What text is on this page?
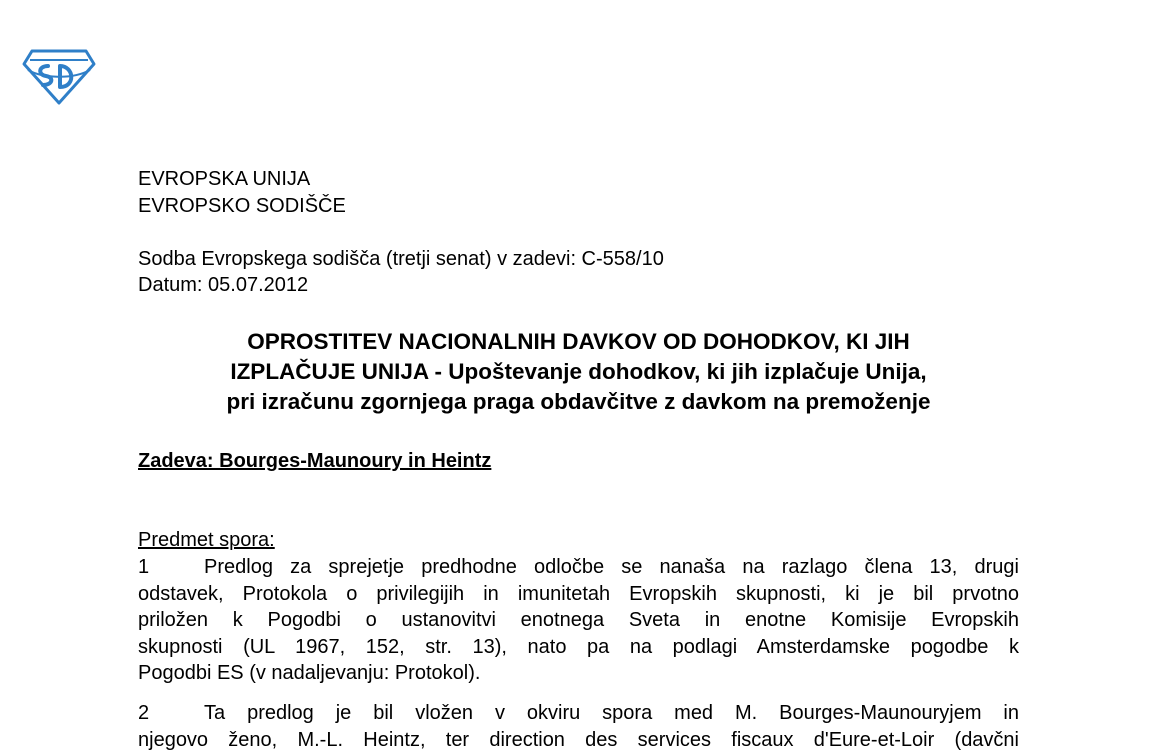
EVROPSKA UNIJA
EVROPSKO SODIŠČE
Sodba Evropskega sodišča (tretji senat) v zadevi: C-558/10
Datum: 05.07.2012
OPROSTITEV NACIONALNIH DAVKOV OD DOHODKOV, KI JIH
IZPLAČUJE UNIJA - Upoštevanje dohodkov, ki jih izplačuje Unija,
pri izračunu zgornjega praga obdavčitve z davkom na premoženje
Zadeva: Bourges-Maunoury in Heintz
Predmet spora:
1	Predlog za sprejetje predhodne odločbe se nanaša na razlago člena 13, drugi
odstavek, Protokola o privilegijih in imunitetah Evropskih skupnosti, ki je bil prvotno
priložen k Pogodbi o ustanovitvi enotnega Sveta in enotne Komisije Evropskih
skupnosti (UL 1967, 152, str. 13), nato pa na podlagi Amsterdamske pogodbe k
Pogodbi ES (v nadaljevanju: Protokol).
2	Ta predlog je bil vložen v okviru spora med M. Bourges-Maunouryjem in
njegovo ženo, M.-L. Heintz, ter direction des services fiscaux d'Eure-et-Loir (davčni
